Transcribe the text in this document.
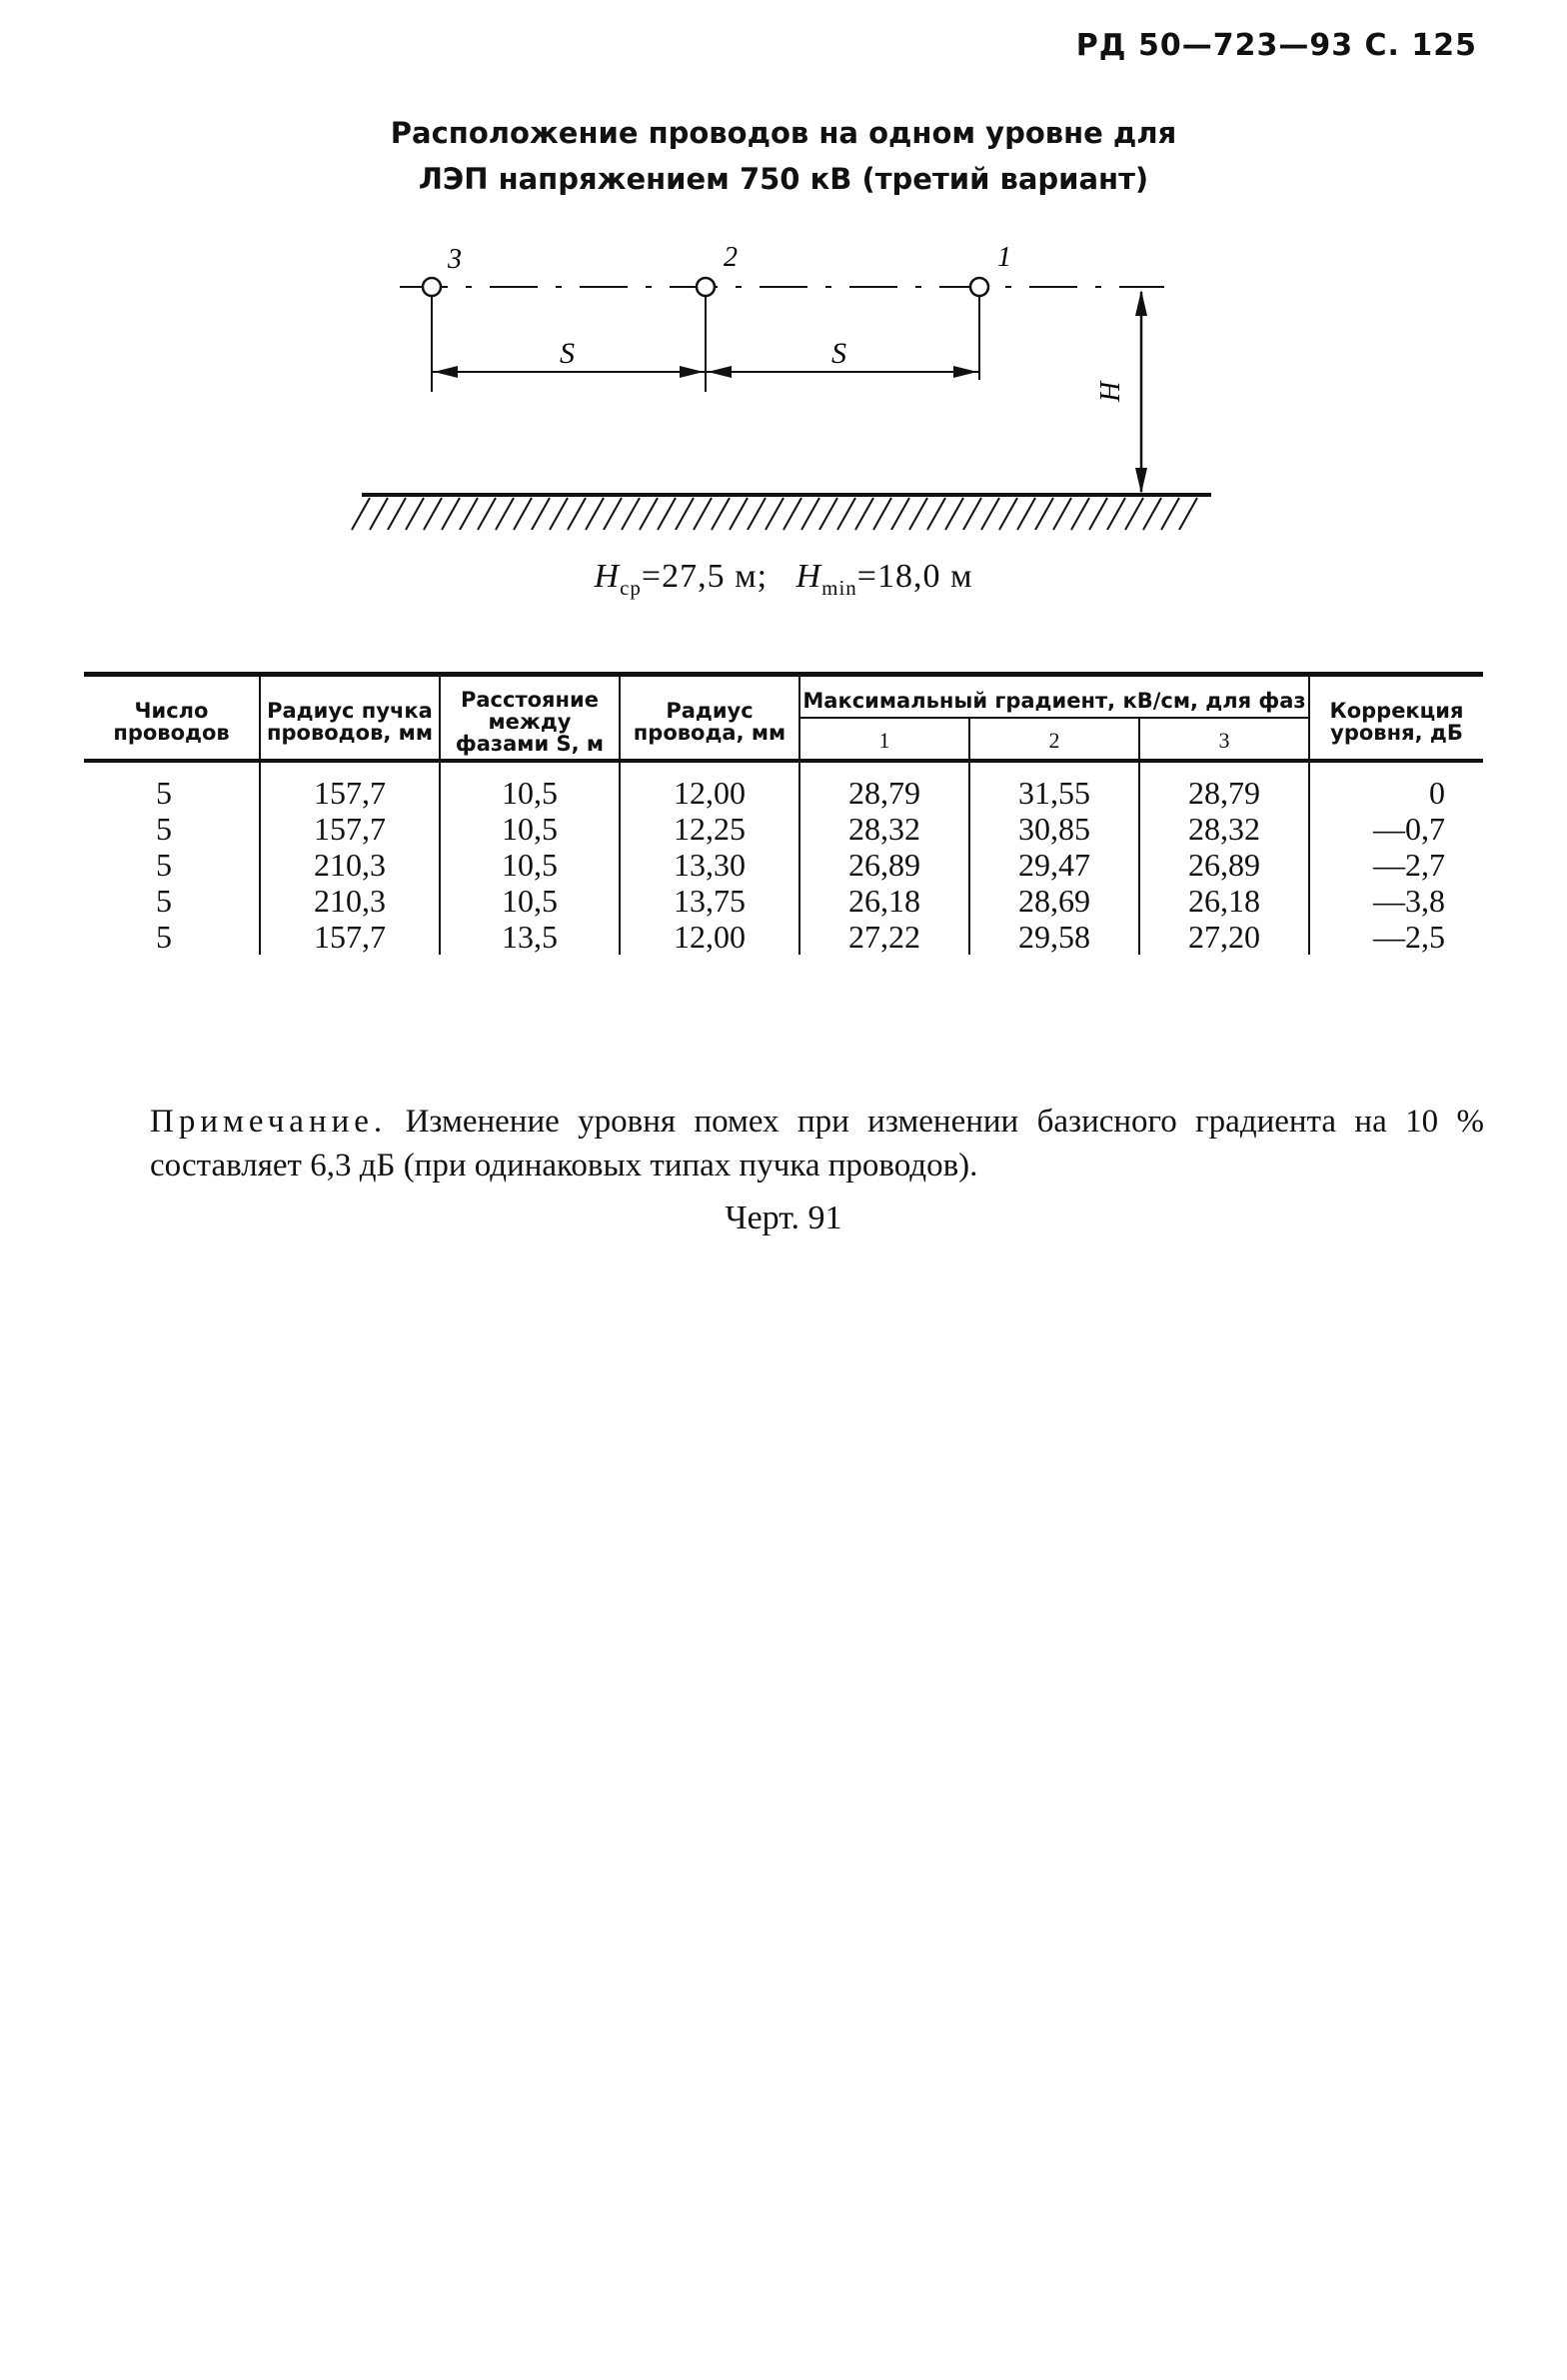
РД 50—723—93 С. 125
Расположение проводов на одном уровне для
ЛЭП напряжением 750 кВ (третий вариант)
3	2	1
S	S
H
$H_{ср}=27,5$ м; $H_{min}=18,0$ м
Число проводов	Радиус пучка проводов, мм	Расстояние между фазами S, м	Радиус провода, мм	Максимальный градиент, кВ/см, для фаз			Коррекция уровня, дБ
				1	2	3	
5	157,7	10,5	12,00	28,79	31,55	28,79	0
5	157,7	10,5	12,25	28,32	30,85	28,32	—0,7
5	210,3	10,5	13,30	26,89	29,47	26,89	—2,7
5	210,3	10,5	13,75	26,18	28,69	26,18	—3,8
5	157,7	13,5	12,00	27,22	29,58	27,20	—2,5
Примечание. Изменение уровня помех при изменении базисного градиента на 10 % составляет 6,3 дБ (при одинаковых типах пучка проводов).
Черт. 91
